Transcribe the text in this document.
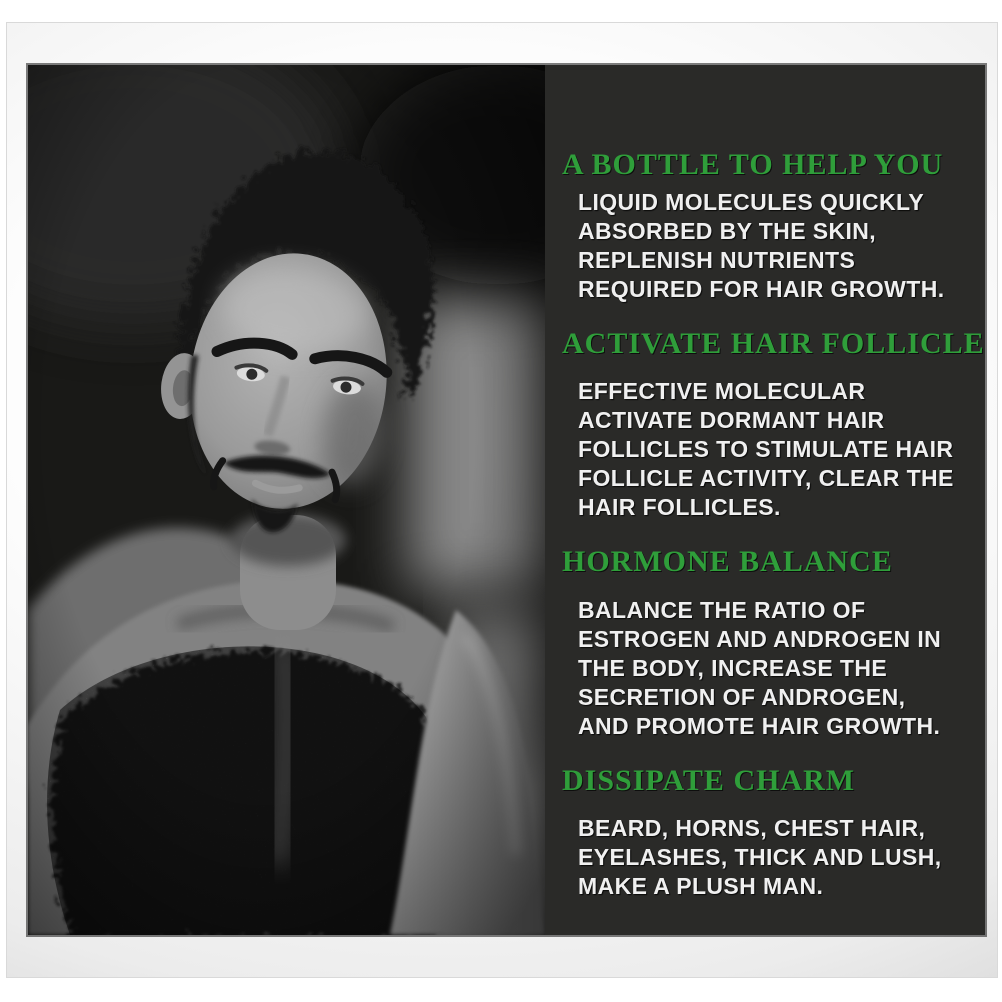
A BOTTLE TO HELP YOU
LIQUID MOLECULES QUICKLY
ABSORBED BY THE SKIN,
REPLENISH NUTRIENTS
REQUIRED FOR HAIR GROWTH.
ACTIVATE HAIR FOLLICLE
EFFECTIVE MOLECULAR
ACTIVATE DORMANT HAIR
FOLLICLES TO STIMULATE HAIR
FOLLICLE ACTIVITY, CLEAR THE
HAIR FOLLICLES.
HORMONE BALANCE
BALANCE THE RATIO OF
ESTROGEN AND ANDROGEN IN
THE BODY, INCREASE THE
SECRETION OF ANDROGEN,
AND PROMOTE HAIR GROWTH.
DISSIPATE CHARM
BEARD, HORNS, CHEST HAIR,
EYELASHES, THICK AND LUSH,
MAKE A PLUSH MAN.
